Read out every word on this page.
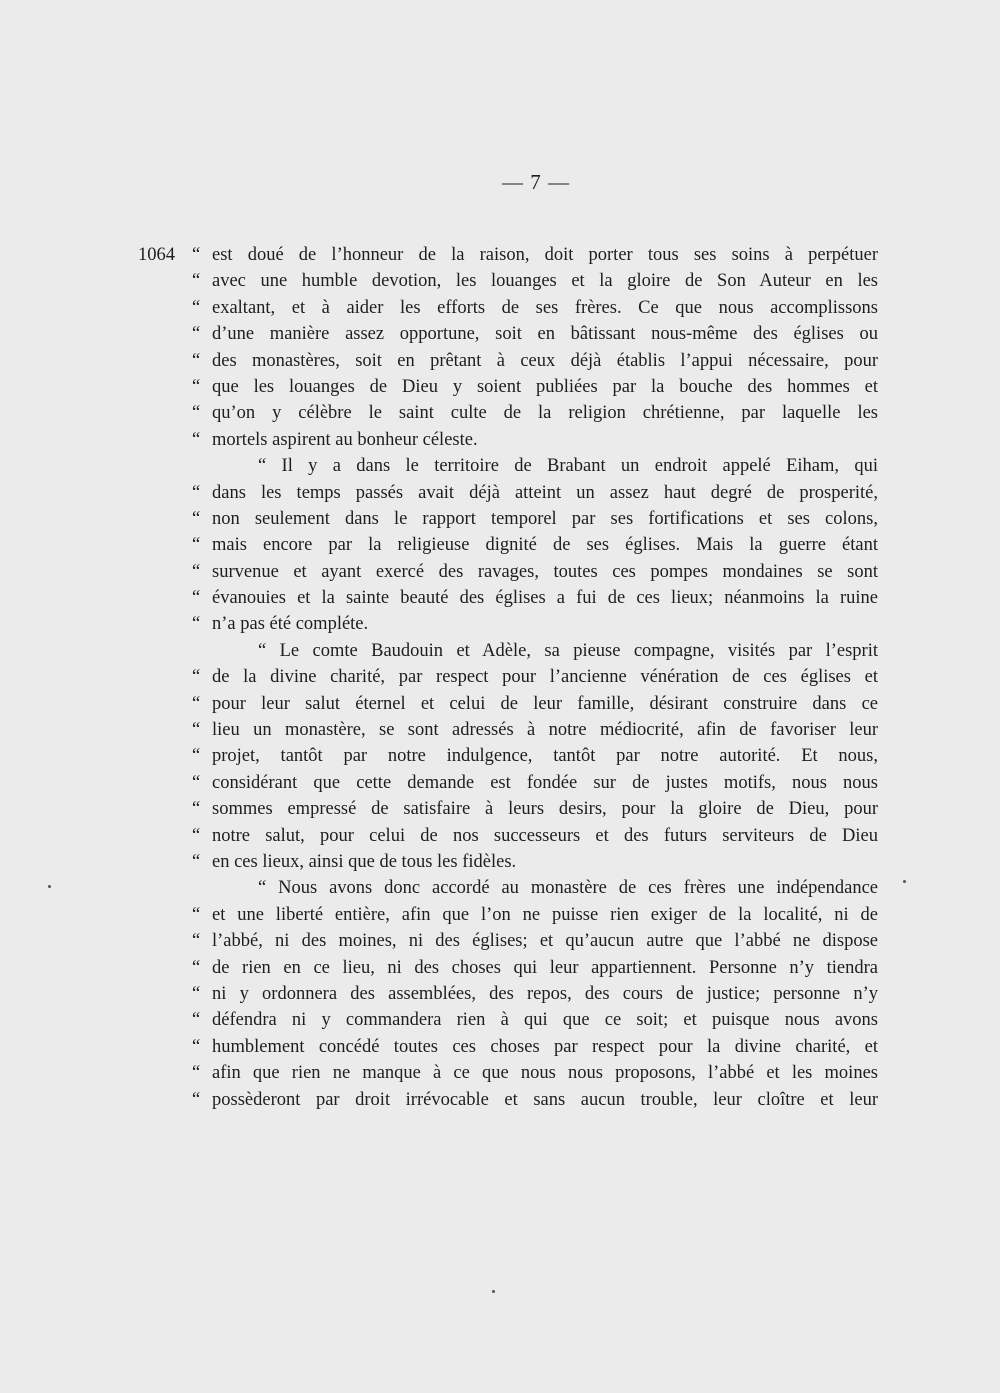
— 7 —
1064 “ est doué de l’honneur de la raison, doit porter tous ses soins à perpétuer
“ avec une humble devotion, les louanges et la gloire de Son Auteur en les
“ exaltant, et à aider les efforts de ses frères. Ce que nous accomplissons
“ d’une manière assez opportune, soit en bâtissant nous-même des églises ou
“ des monastères, soit en prêtant à ceux déjà établis l’appui nécessaire, pour
“ que les louanges de Dieu y soient publiées par la bouche des hommes et
“ qu’on y célèbre le saint culte de la religion chrétienne, par laquelle les
“ mortels aspirent au bonheur céleste.
“ Il y a dans le territoire de Brabant un endroit appelé Eiham, qui
“ dans les temps passés avait déjà atteint un assez haut degré de prosperité,
“ non seulement dans le rapport temporel par ses fortifications et ses colons,
“ mais encore par la religieuse dignité de ses églises. Mais la guerre étant
“ survenue et ayant exercé des ravages, toutes ces pompes mondaines se sont
“ évanouies et la sainte beauté des églises a fui de ces lieux; néanmoins la ruine
“ n’a pas été compléte.
“ Le comte Baudouin et Adèle, sa pieuse compagne, visités par l’esprit
“ de la divine charité, par respect pour l’ancienne vénération de ces églises et
“ pour leur salut éternel et celui de leur famille, désirant construire dans ce
“ lieu un monastère, se sont adressés à notre médiocrité, afin de favoriser leur
“ projet, tantôt par notre indulgence, tantôt par notre autorité. Et nous,
“ considérant que cette demande est fondée sur de justes motifs, nous nous
“ sommes empressé de satisfaire à leurs desirs, pour la gloire de Dieu, pour
“ notre salut, pour celui de nos successeurs et des futurs serviteurs de Dieu
“ en ces lieux, ainsi que de tous les fidèles.
“ Nous avons donc accordé au monastère de ces frères une indépendance
“ et une liberté entière, afin que l’on ne puisse rien exiger de la localité, ni de
“ l’abbé, ni des moines, ni des églises; et qu’aucun autre que l’abbé ne dispose
“ de rien en ce lieu, ni des choses qui leur appartiennent. Personne n’y tiendra
“ ni y ordonnera des assemblées, des repos, des cours de justice; personne n’y
“ défendra ni y commandera rien à qui que ce soit; et puisque nous avons
“ humblement concédé toutes ces choses par respect pour la divine charité, et
“ afin que rien ne manque à ce que nous nous proposons, l’abbé et les moines
“ possèderont par droit irrévocable et sans aucun trouble, leur cloître et leur
